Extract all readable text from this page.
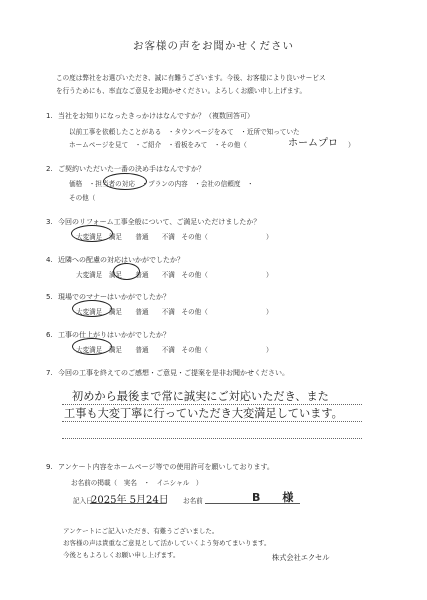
お客様の声をお聞かせください
この度は弊社をお選びいただき、誠に有難うございます。今後、お客様により良いサービス
を行うためにも、率直なご意見をお聞かせください。よろしくお願い申し上げます。
1. 当社をお知りになったきっかけはなんですか？（複数回答可）
以前工事を依頼したことがある　・タウンページをみて　・近所で知っていた
ホームページを見て　・ご紹介　・看板をみて　・その他（	ホームプロ ）
2. ご契約いただいた一番の決め手はなんですか？
価格　・担当者の対応　・プランの内容　・会社の信頼度　・
その他（
3. 今回のリフォーム工事全般について、ご満足いただけましたか？
大変満足　満足　　普通　　不満　その他（	）
4. 近隣への配慮の対応はいかがでしたか？
大変満足　満足　　普通　　不満　その他（	）
5. 現場でのマナーはいかがでしたか？
大変満足　満足　　普通　　不満　その他（	）
6. 工事の仕上がりはいかがでしたか？
大変満足　満足　　普通　　不満　その他（	）
7. 今回の工事を終えてのご感想・ご意見・ご提案を是非お聞かせください。
初めから最後まで常に誠実にご対応いただき、また
工事も大変丁寧に行っていただき大変満足しています。
9. アンケート内容をホームページ等での使用許可を願いしております。
お名前の掲載（　実名　・　イニシャル　）
記入日
2025年 5月24日 お名前	B　　様
アンケートにご記入いただき、有難うございました。
お客様の声は貴重なご意見として活かしていくよう努めてまいります。
今後ともよろしくお願い申し上げます。	株式会社エクセル
